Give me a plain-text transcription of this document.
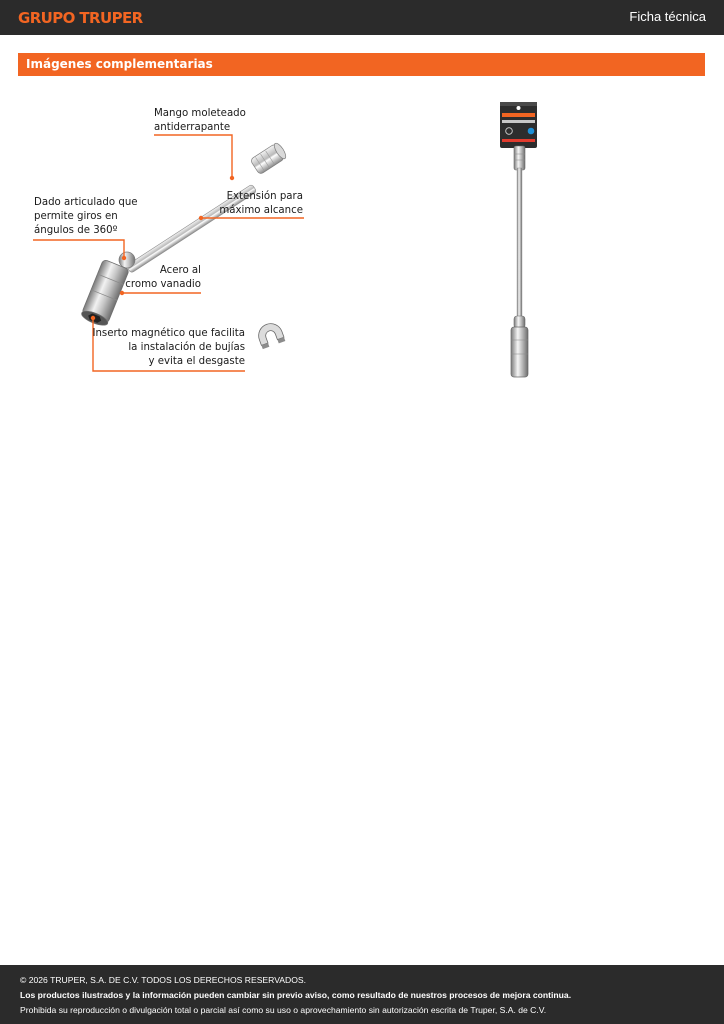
GRUPO TRUPER	Ficha técnica
Imágenes complementarias
Mango moleteado
antiderrapante
Extensión para
máximo alcance
Dado articulado que
permite giros en
ángulos de 360º
Acero al
cromo vanadio
Inserto magnético que facilita
la instalación de bujías
y evita el desgaste
© 2026 TRUPER, S.A. DE C.V. TODOS LOS DERECHOS RESERVADOS.
Los productos ilustrados y la información pueden cambiar sin previo aviso, como resultado de nuestros procesos de mejora continua.
Prohibida su reproducción o divulgación total o parcial así como su uso o aprovechamiento sin autorización escrita de Truper, S.A. de C.V.
